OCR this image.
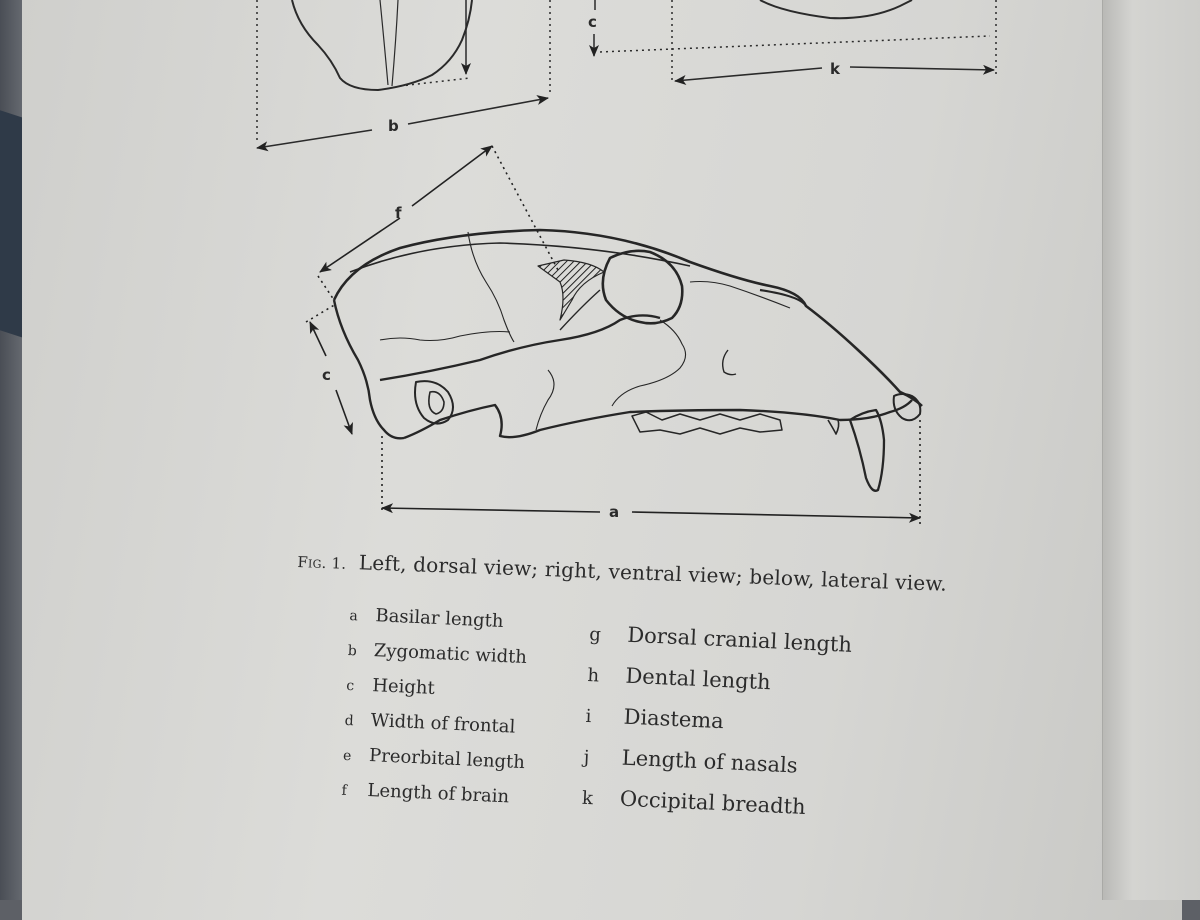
b
c
k
f
c
a
Fig. 1. Left, dorsal view; right, ventral view; below, lateral view.
a Basilar length
b Zygomatic width
c Height
d Width of frontal
e Preorbital length
f	Length of brain
g	Dorsal cranial length
h	Dental length
i	Diastema
j	Length of nasals
k	Occipital breadth
